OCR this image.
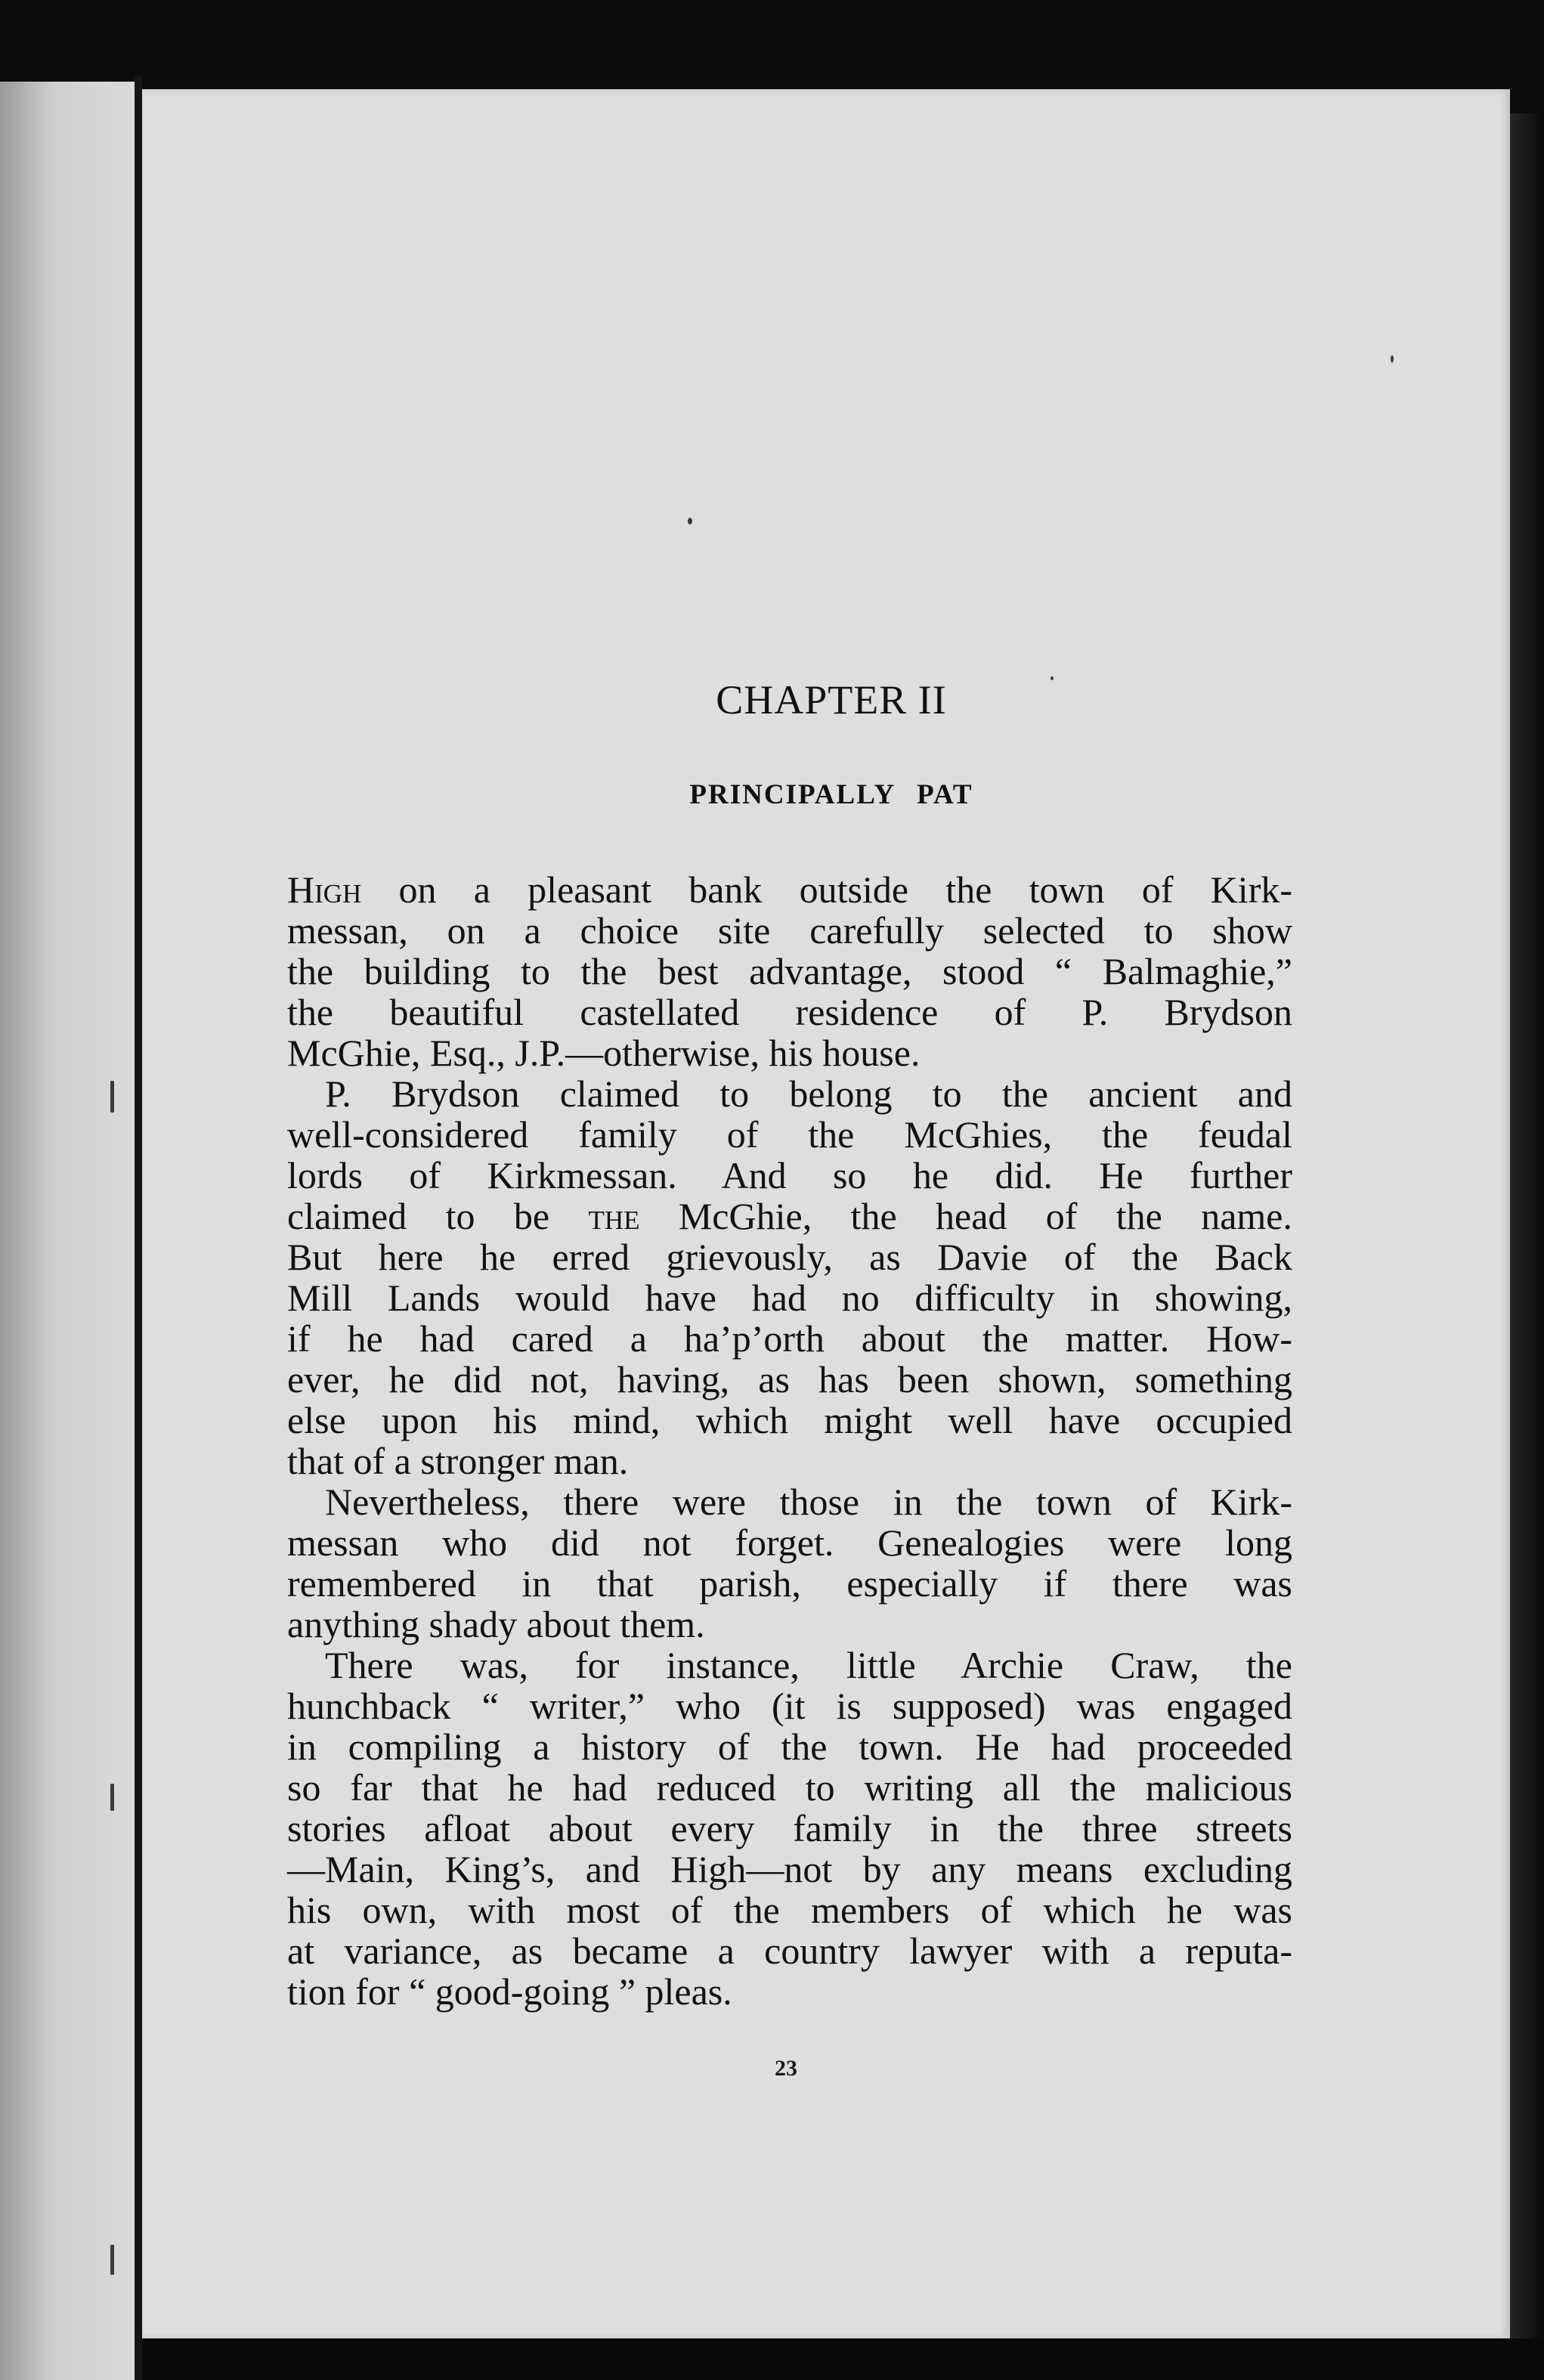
CHAPTER II
PRINCIPALLY PAT
High on a pleasant bank outside the town of Kirk-
messan, on a choice site carefully selected to show
the building to the best advantage, stood “ Balmaghie,”
the beautiful castellated residence of P. Brydson
McGhie, Esq., J.P.—otherwise, his house.
P. Brydson claimed to belong to the ancient and
well-considered family of the McGhies, the feudal
lords of Kirkmessan. And so he did. He further
claimed to be the McGhie, the head of the name.
But here he erred grievously, as Davie of the Back
Mill Lands would have had no difficulty in showing,
if he had cared a ha’p’orth about the matter. How-
ever, he did not, having, as has been shown, something
else upon his mind, which might well have occupied
that of a stronger man.
Nevertheless, there were those in the town of Kirk-
messan who did not forget. Genealogies were long
remembered in that parish, especially if there was
anything shady about them.
There was, for instance, little Archie Craw, the
hunchback “ writer,” who (it is supposed) was engaged
in compiling a history of the town. He had proceeded
so far that he had reduced to writing all the malicious
stories afloat about every family in the three streets
—Main, King’s, and High—not by any means excluding
his own, with most of the members of which he was
at variance, as became a country lawyer with a reputa-
tion for “ good-going ” pleas.

23
